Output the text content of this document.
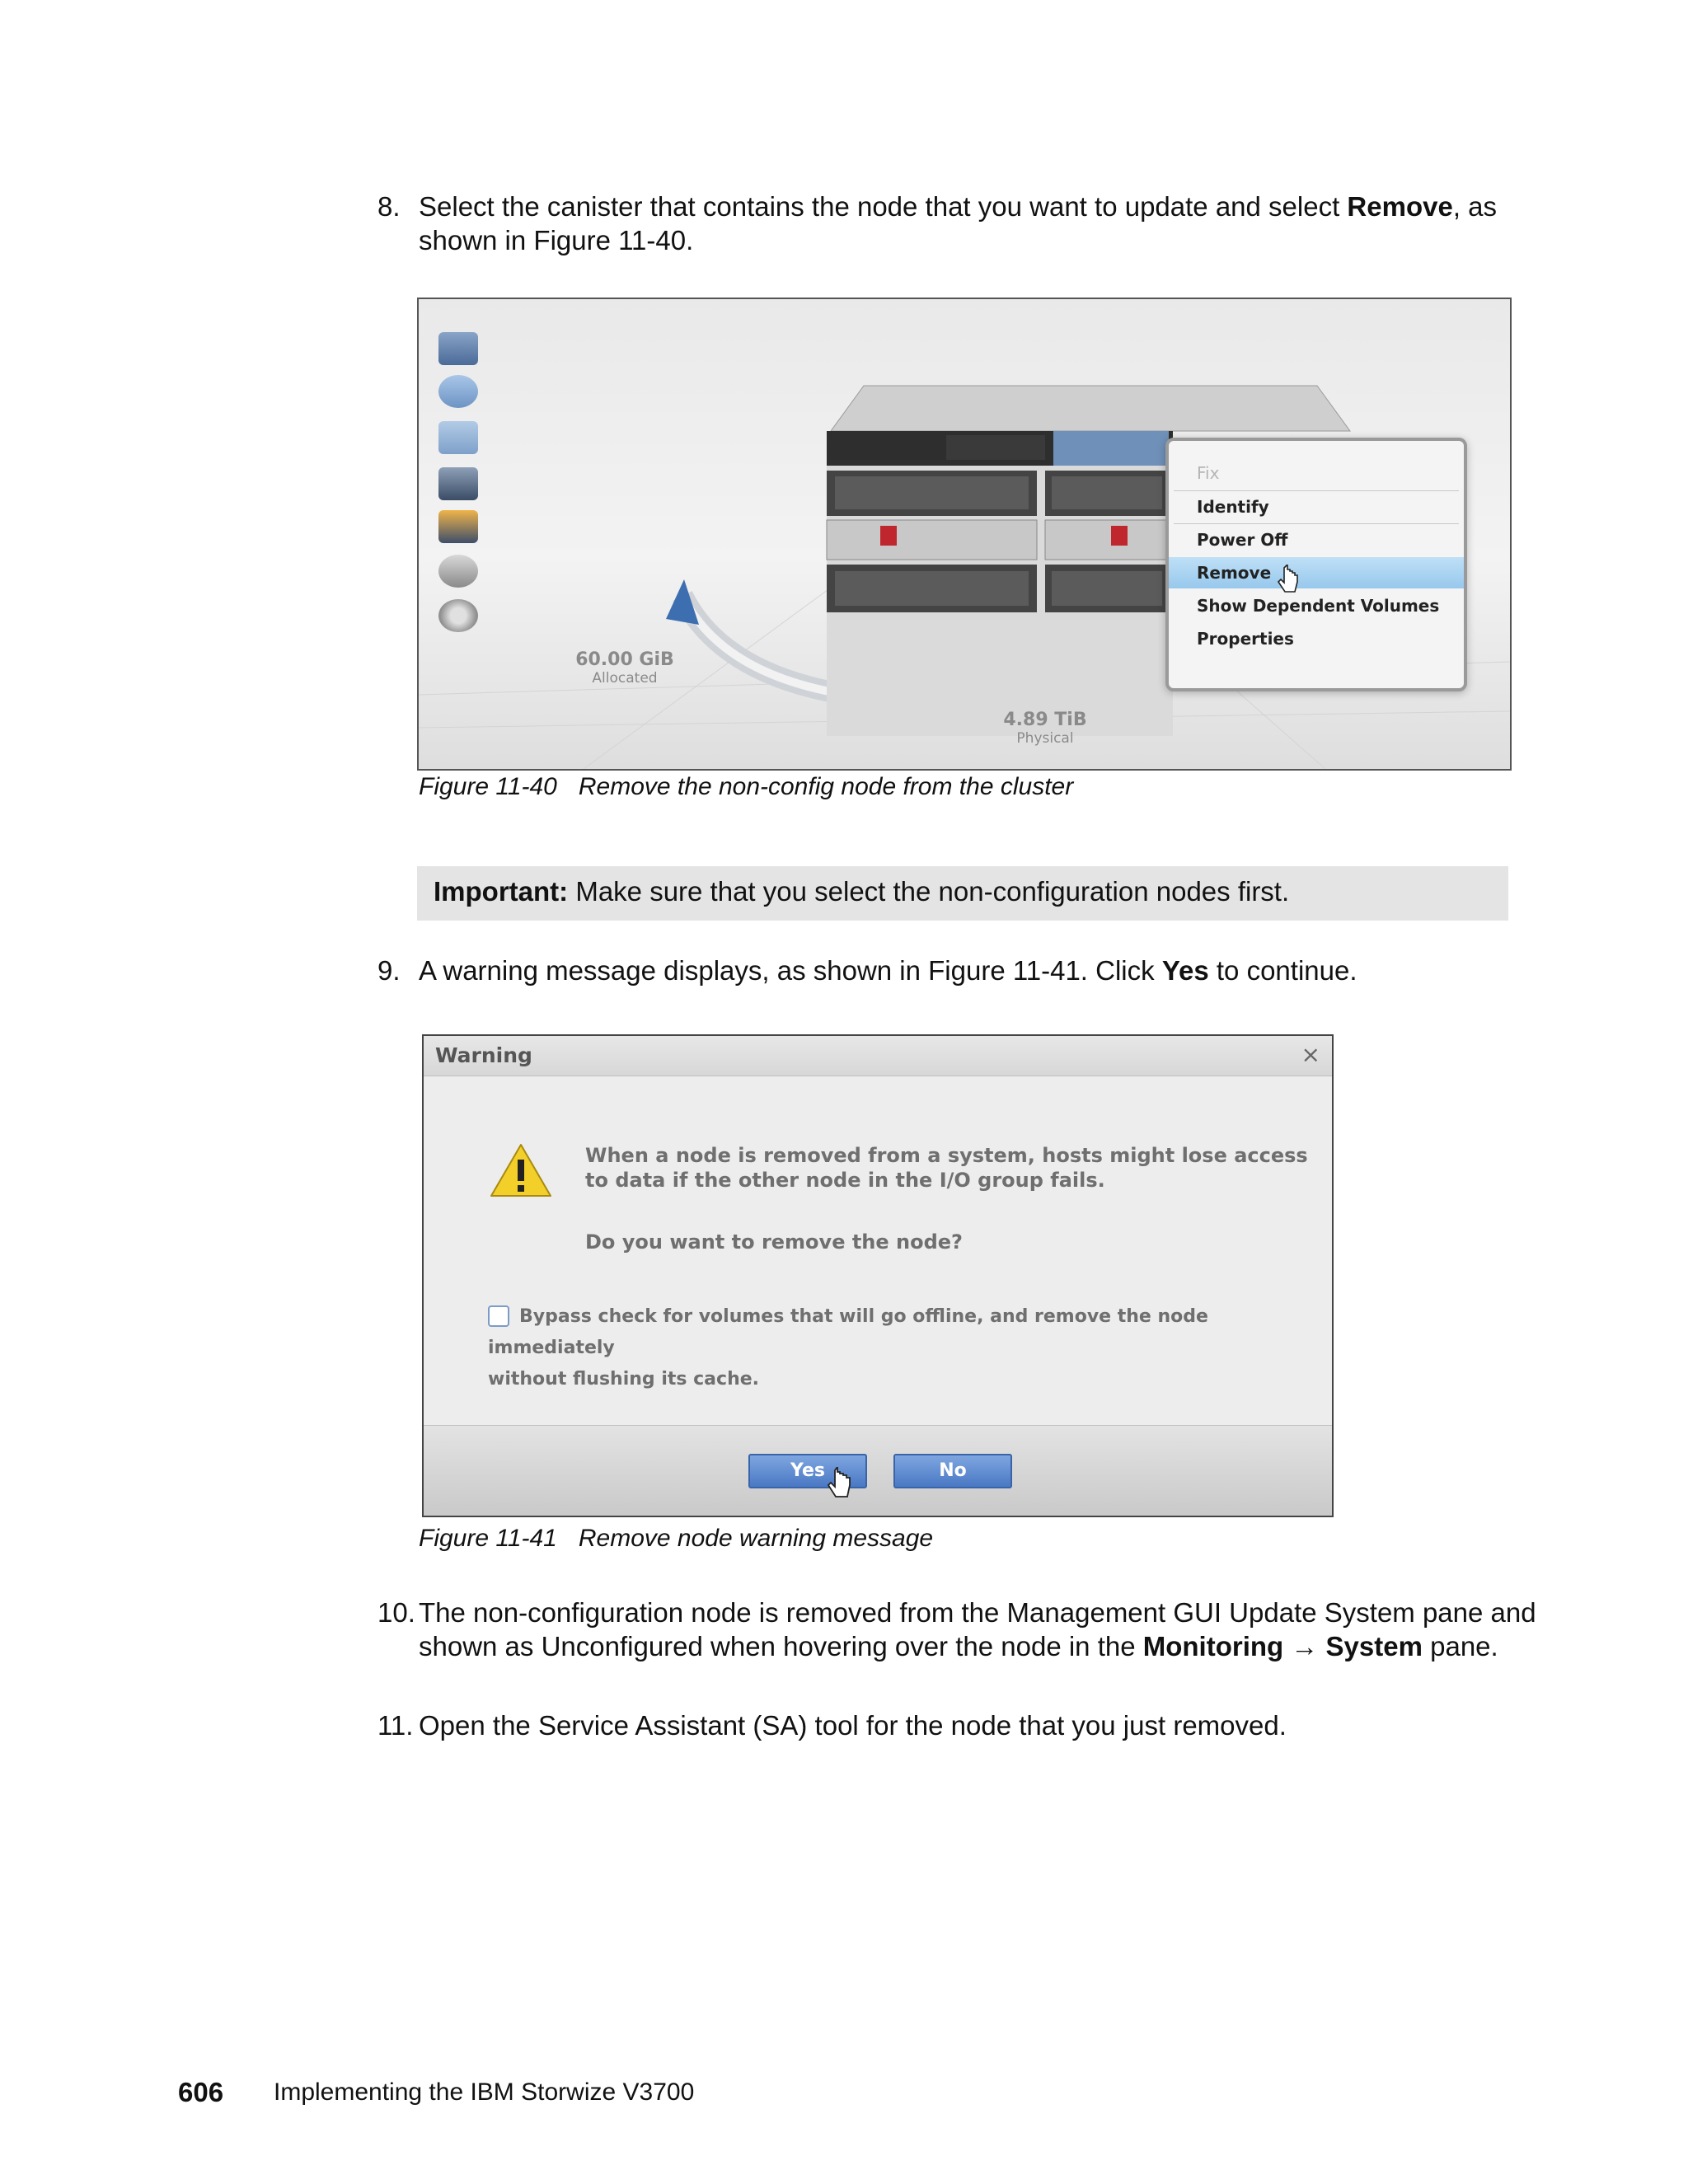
8. Select the canister that contains the node that you want to update and select Remove, as shown in Figure 11-40.
60.00 GiB
Allocated
4.89 TiB
Physical
Fix
Identify
Power Off
Remove
Show Dependent Volumes
Properties
Figure 11-40 Remove the non-config node from the cluster
Important: Make sure that you select the non-configuration nodes first.
9. A warning message displays, as shown in Figure 11-41. Click Yes to continue.
Warning	×
When a node is removed from a system, hosts might lose access
to data if the other node in the I/O group fails.
Do you want to remove the node?
Bypass check for volumes that will go offline, and remove the node immediately
without flushing its cache.
Yes	No
Figure 11-41 Remove node warning message
10. The non-configuration node is removed from the Management GUI Update System pane and shown as Unconfigured when hovering over the node in the Monitoring → System pane.
11. Open the Service Assistant (SA) tool for the node that you just removed.
606 Implementing the IBM Storwize V3700
